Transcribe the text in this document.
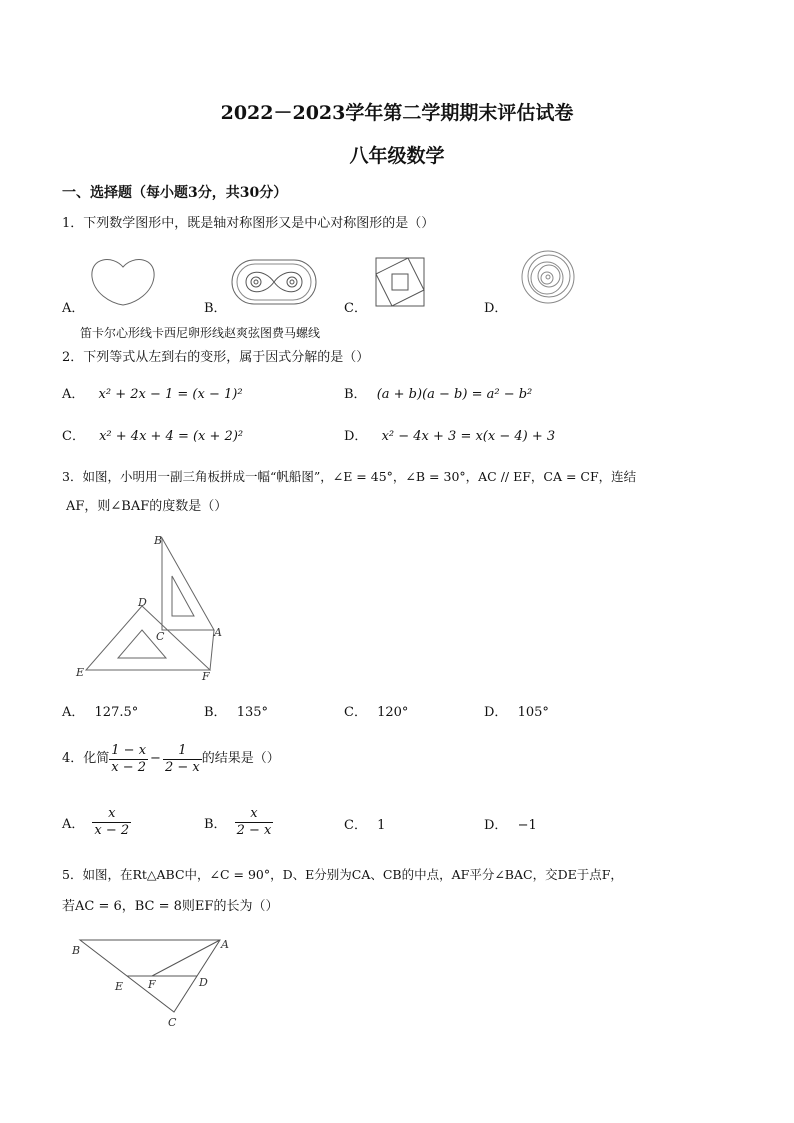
2022－2023学年第二学期期末评估试卷
八年级数学
一、选择题（每小题3分，共30分）
1．下列数学图形中，既是轴对称图形又是中心对称图形的是（）
A．	B．	C．	D．
笛卡尔心形线卡西尼卵形线赵爽弦图费马螺线
2．下列等式从左到右的变形，属于因式分解的是（）
A． x² + 2x − 1 = (x − 1)²	B． (a + b)(a − b) = a² − b²
C． x² + 4x + 4 = (x + 2)²	D． x² − 4x + 3 = x(x − 4) + 3
3．如图，小明用一副三角板拼成一幅“帆船图”，∠E = 45°，∠B = 30°，AC // EF，CA = CF，连结
AF，则∠BAF的度数是（）
B
D
C	A
E	F
A． 127.5°	B． 135°	C． 120°	D． 105°
4．化简 $\frac{1 - x}{x - 2} - \frac{1}{2 - x}$ 的结果是（）
A． $\frac{x}{x - 2}$	B． $\frac{x}{2 - x}$	C． 1	D． −1
5．如图，在Rt△ABC中，∠C = 90°，D、E分别为CA、CB的中点，AF平分∠BAC，交DE于点F，
若AC = 6，BC = 8则EF的长为（）
B	A
E F	D
C
